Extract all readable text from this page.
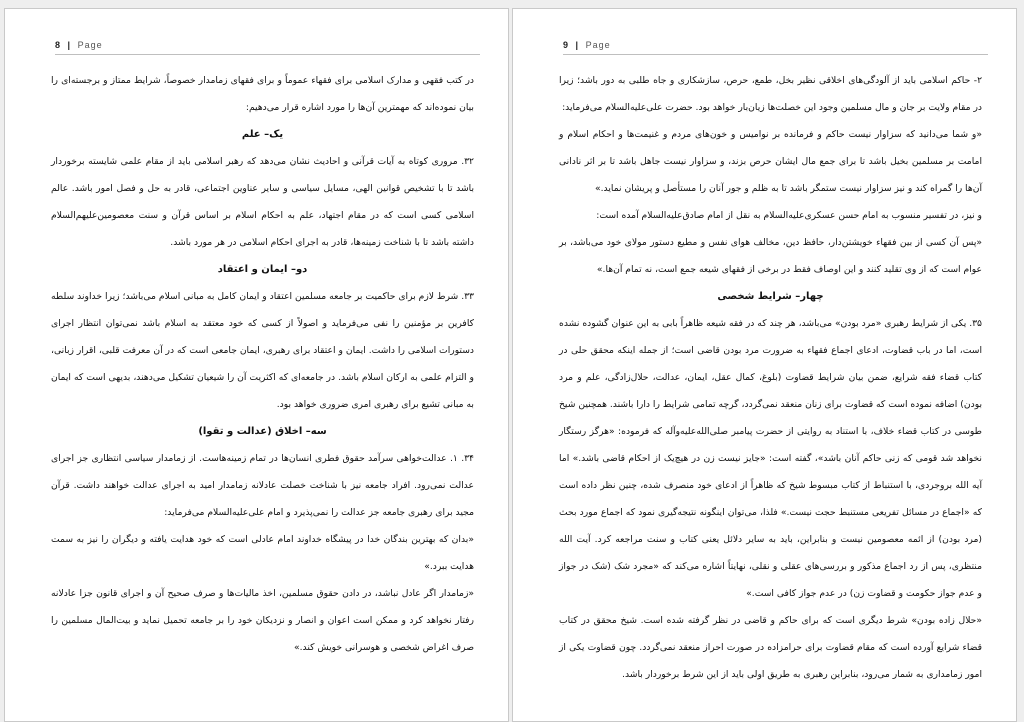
8 | Page

در کتب فقهی و مدارک اسلامی برای فقهاء عموماً و برای فقهای زمامدار خصوصاً، شرایط ممتاز و برجسته‌ای را بیان نموده‌اند که مهمترین آن‌ها را مورد اشاره قرار می‌دهیم:

یک– علم

۳۲. مروری کوتاه به آیات قرآنی و احادیث نشان می‌دهد که رهبر اسلامی باید از مقام علمی شایسته برخوردار باشد تا با تشخیص قوانین الهی، مسایل سیاسی و سایر عناوین اجتماعی، قادر به حل و فصل امور باشد. عالم اسلامی کسی است که در مقام اجتهاد، علم به احکام اسلام بر اساس قرآن و سنت معصومین‌علیهم‌السلام داشته باشد تا با شناخت زمینه‌ها، قادر به اجرای احکام اسلامی در هر مورد باشد.

دو– ایمان و اعتقاد

۳۳. شرط لازم برای حاکمیت بر جامعه مسلمین اعتقاد و ایمان کامل به مبانی اسلام می‌باشد؛ زیرا خداوند سلطه کافرین بر مؤمنین را نفی می‌فرماید و اصولاً از کسی که خود معتقد به اسلام باشد نمی‌توان انتظار اجرای دستورات اسلامی را داشت. ایمان و اعتقاد برای رهبری، ایمان جامعی است که در آن معرفت قلبی، اقرار زبانی، و التزام علمی به ارکان اسلام باشد. در جامعه‌ای که اکثریت آن را شیعیان تشکیل می‌دهند، بدیهی است که ایمان به مبانی تشیع برای رهبری امری ضروری خواهد بود.

سه– اخلاق (عدالت و تقوا)

۳۴. ۱. عدالت‌خواهی سرآمد حقوق فطری انسان‌ها در تمام زمینه‌هاست. از زمامدار سیاسی انتظاری جز اجرای عدالت نمی‌رود. افراد جامعه نیز با شناخت خصلت عادلانه زمامدار امید به اجرای عدالت خواهند داشت. قرآن مجید برای رهبری جامعه جز عدالت را نمی‌پذیرد و امام علی‌علیه‌السلام می‌فرماید:

«بدان که بهترین بندگان خدا در پیشگاه خداوند امام عادلی است که خود هدایت یافته و دیگران را نیز به سمت هدایت ببرد.»

«زمامدار اگر عادل نباشد، در دادن حقوق مسلمین، اخذ مالیات‌ها و صرف صحیح آن و اجرای قانون جزا عادلانه رفتار نخواهد کرد و ممکن است اعوان و انصار و نزدیکان خود را بر جامعه تحمیل نماید و بیت‌المال مسلمین را صرف اغراض شخصی و هوسرانی خویش کند.»

9 | Page

۲- حاکم اسلامی باید از آلودگی‌های اخلاقی نظیر بخل، طمع، حرص، سازشکاری و جاه طلبی به دور باشد؛ زیرا در مقام ولایت بر جان و مال مسلمین وجود این خصلت‌ها زیان‌بار خواهد بود. حضرت علی‌علیه‌السلام می‌فرماید:

«و شما می‌دانید که سزاوار نیست حاکم و فرمانده بر نوامیس و خون‌های مردم و غنیمت‌ها و احکام اسلام و امامت بر مسلمین بخیل باشد تا برای جمع مال ایشان حرص بزند، و سزاوار نیست جاهل باشد تا بر اثر نادانی آن‌ها را گمراه کند و نیز سزاوار نیست ستمگر باشد تا به ظلم و جور آنان را مستأصل و پریشان نماید.»

و نیز، در تفسیر منسوب به امام حسن عسکری‌علیه‌السلام به نقل از امام صادق‌علیه‌السلام آمده است:

«پس آن کسی از بین فقهاء خویشتن‌دار، حافظ دین، مخالف هوای نفس و مطیع دستور مولای خود می‌باشد، بر عوام است که از وی تقلید کنند و این اوصاف فقط در برخی از فقهای شیعه جمع است، نه تمام آن‌ها.»

چهار– شرایط شخصی

۳۵. یکی از شرایط رهبری «مرد بودن» می‌باشد، هر چند که در فقه شیعه ظاهراً بابی به این عنوان گشوده نشده است، اما در باب قضاوت، ادعای اجماع فقهاء به ضرورت مرد بودن قاضی است؛ از جمله اینکه محقق حلی در کتاب قضاء فقه شرایع، ضمن بیان شرایط قضاوت (بلوغ، کمال عقل، ایمان، عدالت، حلال‌زادگی، علم و مرد بودن) اضافه نموده است که قضاوت برای زنان منعقد نمی‌گردد، گرچه تمامی شرایط را دارا باشند. همچنین شیخ طوسی در کتاب قضاء خلاف، با استناد به روایتی از حضرت پیامبر صلی‌الله‌علیه‌وآله که فرموده: «هرگز رستگار نخواهد شد قومی که زنی حاکم آنان باشد»، گفته است: «جایز نیست زن در هیچ‌یک از احکام قاضی باشد.» اما آیه الله بروجردی، با استنباط از کتاب مبسوط شیخ که ظاهراً از ادعای خود منصرف شده، چنین نظر داده است که «اجماع در مسائل تفریعی مستنبط حجت نیست.» فلذا، می‌توان اینگونه نتیجه‌گیری نمود که اجماع مورد بحث (مرد بودن) از ائمه معصومین نیست و بنابراین، باید به سایر دلائل یعنی کتاب و سنت مراجعه کرد. آیت الله منتظری، پس از رد اجماع مذکور و بررسی‌های عقلی و نقلی، نهایتاً اشاره می‌کند که «مجرد شک (شک در جواز و عدم جواز حکومت و قضاوت زن) در عدم جواز کافی است.»

«حلال زاده بودن» شرط دیگری است که برای حاکم و قاضی در نظر گرفته شده است. شیخ محقق در کتاب قضاء شرایع آورده است که مقام قضاوت برای حرامزاده در صورت احراز منعقد نمی‌گردد. چون قضاوت یکی از امور زمامداری به شمار می‌رود، بنابراین رهبری به طریق اولی باید از این شرط برخوردار باشد.
